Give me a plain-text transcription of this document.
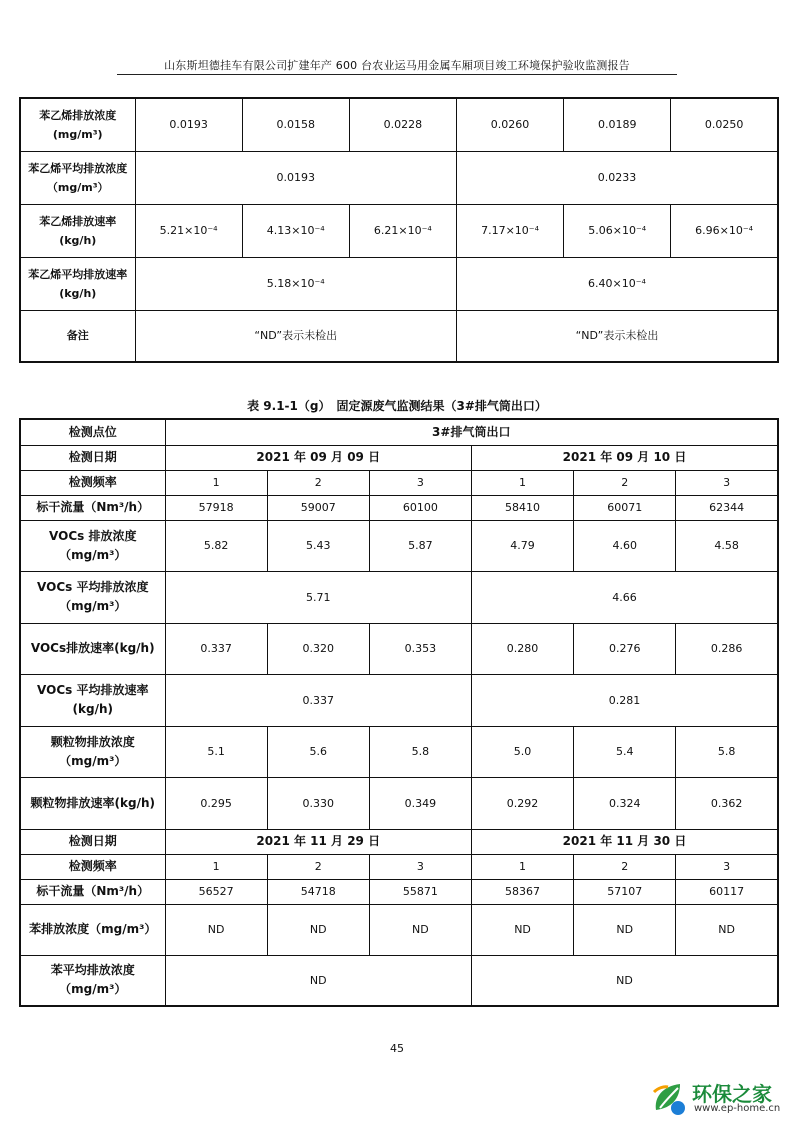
山东斯坦德挂车有限公司扩建年产 600 台农业运马用金属车厢项目竣工环境保护验收监测报告
苯乙烯排放浓度(mg/m³)	0.0193	0.0158	0.0228	0.0260	0.0189	0.0250
苯乙烯平均排放浓度（mg/m³）	0.0193			0.0233		
苯乙烯排放速率(kg/h)	5.21×10⁻⁴	4.13×10⁻⁴	6.21×10⁻⁴	7.17×10⁻⁴	5.06×10⁻⁴	6.96×10⁻⁴
苯乙烯平均排放速率(kg/h)	5.18×10⁻⁴			6.40×10⁻⁴		
备注	“ND”表示未检出			“ND”表示未检出		
表 9.1-1（g）　固定源废气监测结果（3#排气筒出口）
检测点位	3#排气筒出口					
检测日期	2021 年 09 月 09 日			2021 年 09 月 10 日		
检测频率	1	2	3	1	2	3
标干流量（Nm³/h）	57918	59007	60100	58410	60071	62344
VOCs 排放浓度（mg/m³）	5.82	5.43	5.87	4.79	4.60	4.58
VOCs 平均排放浓度（mg/m³）	5.71			4.66		
VOCs排放速率(kg/h)	0.337	0.320	0.353	0.280	0.276	0.286
VOCs 平均排放速率(kg/h)	0.337			0.281		
颗粒物排放浓度（mg/m³）	5.1	5.6	5.8	5.0	5.4	5.8
颗粒物排放速率(kg/h)	0.295	0.330	0.349	0.292	0.324	0.362
检测日期	2021 年 11 月 29 日			2021 年 11 月 30 日		
检测频率	1	2	3	1	2	3
标干流量（Nm³/h）	56527	54718	55871	58367	57107	60117
苯排放浓度（mg/m³）	ND	ND	ND	ND	ND	ND
苯平均排放浓度（mg/m³）	ND			ND		
45
环保之家
www.ep-home.cn
